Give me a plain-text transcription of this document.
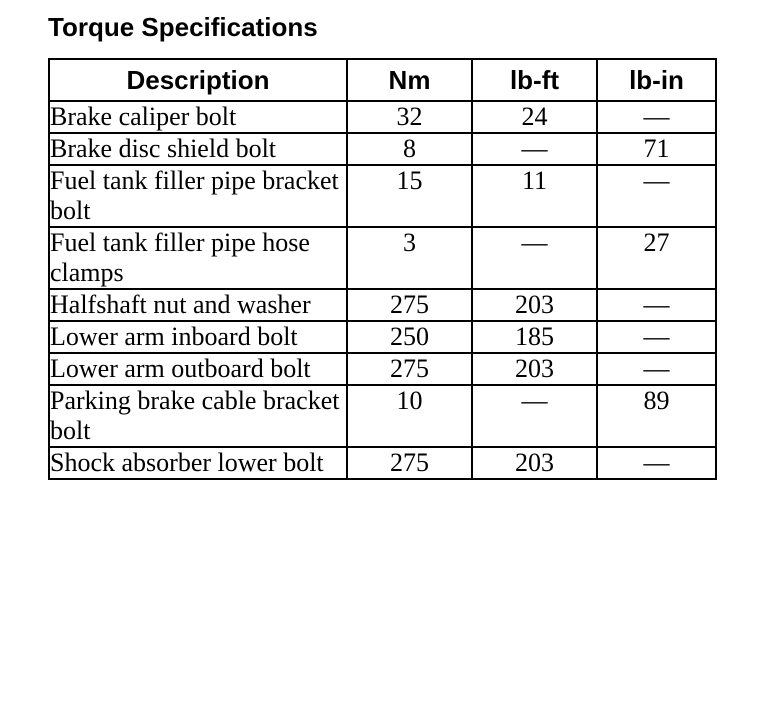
Torque Specifications
Description	Nm	lb-ft	lb-in
Brake caliper bolt	32	24	—
Brake disc shield bolt	8	—	71
Fuel tank filler pipe bracket bolt	15	11	—
Fuel tank filler pipe hose clamps	3	—	27
Halfshaft nut and washer	275	203	—
Lower arm inboard bolt	250	185	—
Lower arm outboard bolt	275	203	—
Parking brake cable bracket bolt	10	—	89
Shock absorber lower bolt	275	203	—
